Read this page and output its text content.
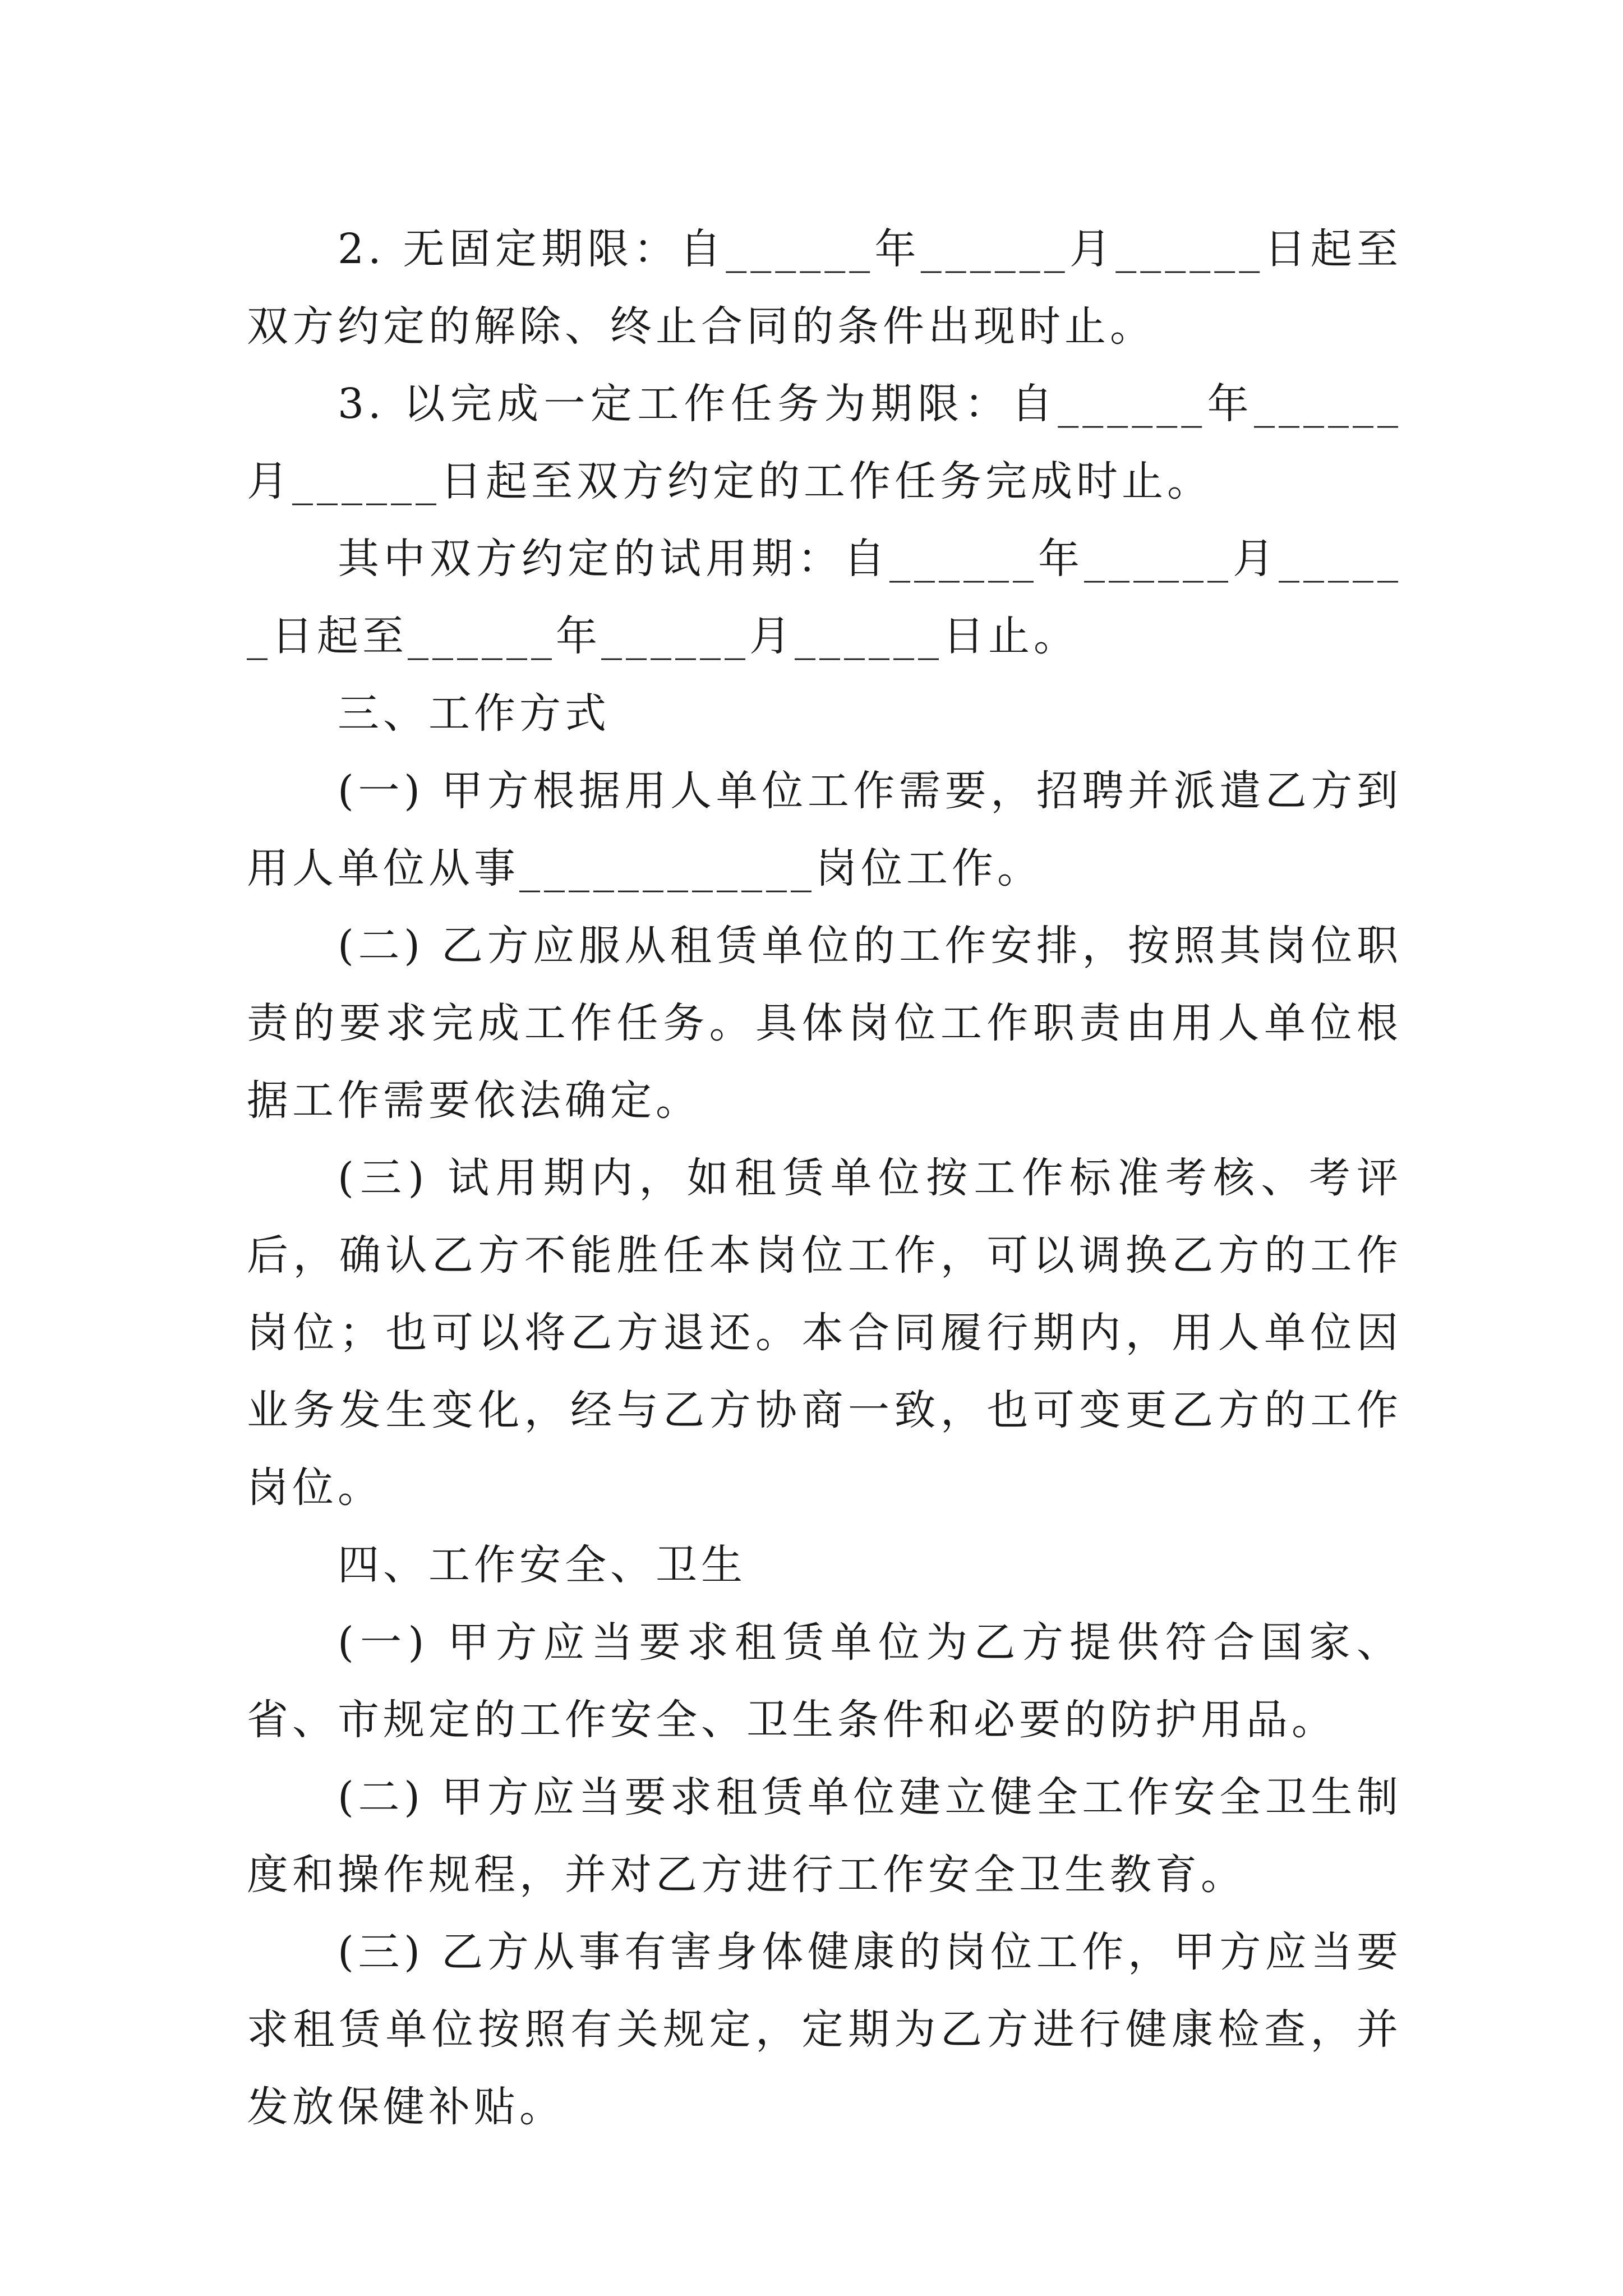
2. 无固定期限：自______年______月______日起至双方约定的解除、终止合同的条件出现时止。

3. 以完成一定工作任务为期限：自______年______月______日起至双方约定的工作任务完成时止。

其中双方约定的试用期：自______年______月______日起至______年______月______日止。

三、工作方式

(一) 甲方根据用人单位工作需要，招聘并派遣乙方到用人单位从事____________岗位工作。

(二) 乙方应服从租赁单位的工作安排，按照其岗位职责的要求完成工作任务。具体岗位工作职责由用人单位根据工作需要依法确定。

(三) 试用期内，如租赁单位按工作标准考核、考评后，确认乙方不能胜任本岗位工作，可以调换乙方的工作岗位；也可以将乙方退还。本合同履行期内，用人单位因业务发生变化，经与乙方协商一致，也可变更乙方的工作岗位。

四、工作安全、卫生

(一) 甲方应当要求租赁单位为乙方提供符合国家、省、市规定的工作安全、卫生条件和必要的防护用品。

(二) 甲方应当要求租赁单位建立健全工作安全卫生制度和操作规程，并对乙方进行工作安全卫生教育。

(三) 乙方从事有害身体健康的岗位工作，甲方应当要求租赁单位按照有关规定，定期为乙方进行健康检查，并发放保健补贴。
